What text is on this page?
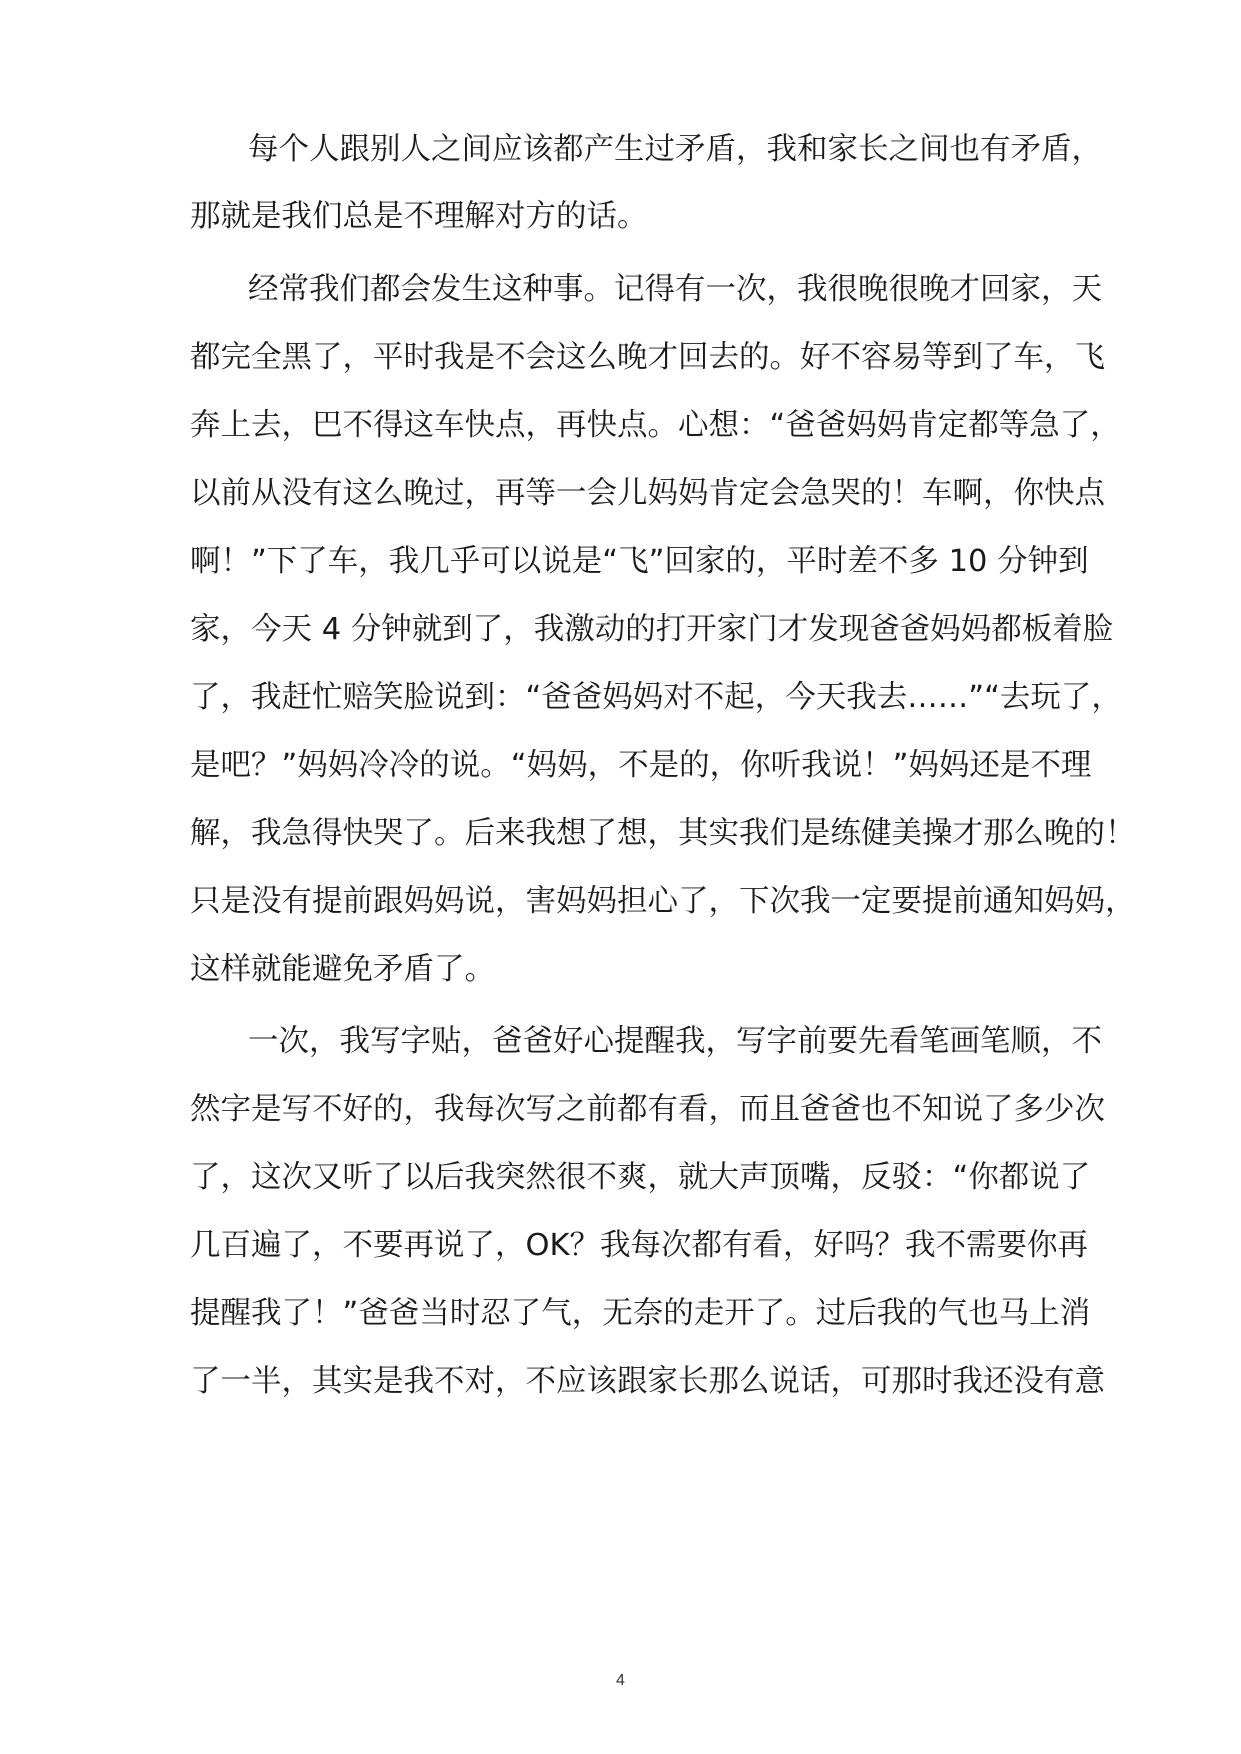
每个人跟别人之间应该都产生过矛盾，我和家长之间也有矛盾，
那就是我们总是不理解对方的话。
经常我们都会发生这种事。记得有一次，我很晚很晚才回家，天
都完全黑了，平时我是不会这么晚才回去的。好不容易等到了车，飞
奔上去，巴不得这车快点，再快点。心想：“爸爸妈妈肯定都等急了，
以前从没有这么晚过，再等一会儿妈妈肯定会急哭的！车啊，你快点
啊！”下了车，我几乎可以说是“飞”回家的，平时差不多 10 分钟到
家，今天 4 分钟就到了，我激动的打开家门才发现爸爸妈妈都板着脸
了，我赶忙赔笑脸说到：“爸爸妈妈对不起，今天我去……”“去玩了，
是吧？”妈妈冷冷的说。“妈妈，不是的，你听我说！”妈妈还是不理
解，我急得快哭了。后来我想了想，其实我们是练健美操才那么晚的！
只是没有提前跟妈妈说，害妈妈担心了，下次我一定要提前通知妈妈，
这样就能避免矛盾了。
一次，我写字贴，爸爸好心提醒我，写字前要先看笔画笔顺，不
然字是写不好的，我每次写之前都有看，而且爸爸也不知说了多少次
了，这次又听了以后我突然很不爽，就大声顶嘴，反驳：“你都说了
几百遍了，不要再说了，OK？我每次都有看，好吗？我不需要你再
提醒我了！”爸爸当时忍了气，无奈的走开了。过后我的气也马上消
了一半，其实是我不对，不应该跟家长那么说话，可那时我还没有意
4
